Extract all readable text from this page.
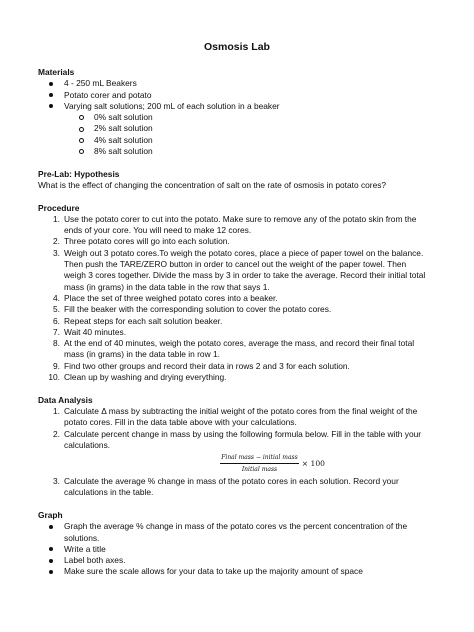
Osmosis Lab
Materials
4 - 250 mL Beakers
Potato corer and potato
Varying salt solutions; 200 mL of each solution in a beaker
0% salt solution
2% salt solution
4% salt solution
8% salt solution
Pre-Lab: Hypothesis
What is the effect of changing the concentration of salt on the rate of osmosis in potato cores?
Procedure
1. Use the potato corer to cut into the potato. Make sure to remove any of the potato skin from the
ends of your core. You will need to make 12 cores.
2. Three potato cores will go into each solution.
3. Weigh out 3 potato cores.To weigh the potato cores, place a piece of paper towel on the balance.
Then push the TARE/ZERO button in order to cancel out the weight of the paper towel. Then
weigh 3 cores together. Divide the mass by 3 in order to take the average. Record their initial total
mass (in grams) in the data table in the row that says 1.
4. Place the set of three weighed potato cores into a beaker.
5. Fill the beaker with the corresponding solution to cover the potato cores.
6. Repeat steps for each salt solution beaker.
7. Wait 40 minutes.
8. At the end of 40 minutes, weigh the potato cores, average the mass, and record their final total
mass (in grams) in the data table in row 1.
9. Find two other groups and record their data in rows 2 and 3 for each solution.
10. Clean up by washing and drying everything.
Data Analysis
1. Calculate Δ mass by subtracting the initial weight of the potato cores from the final weight of the
potato cores. Fill in the data table above with your calculations.
2. Calculate percent change in mass by using the following formula below. Fill in the table with your
calculations.
$\frac{\text{Final mass − initial mass}}{\text{Initial mass}} \times 100$
3. Calculate the average % change in mass of the potato cores in each solution. Record your
calculations in the table.
Graph
Graph the average % change in mass of the potato cores vs the percent concentration of the
solutions.
Write a title
Label both axes.
Make sure the scale allows for your data to take up the majority amount of space
